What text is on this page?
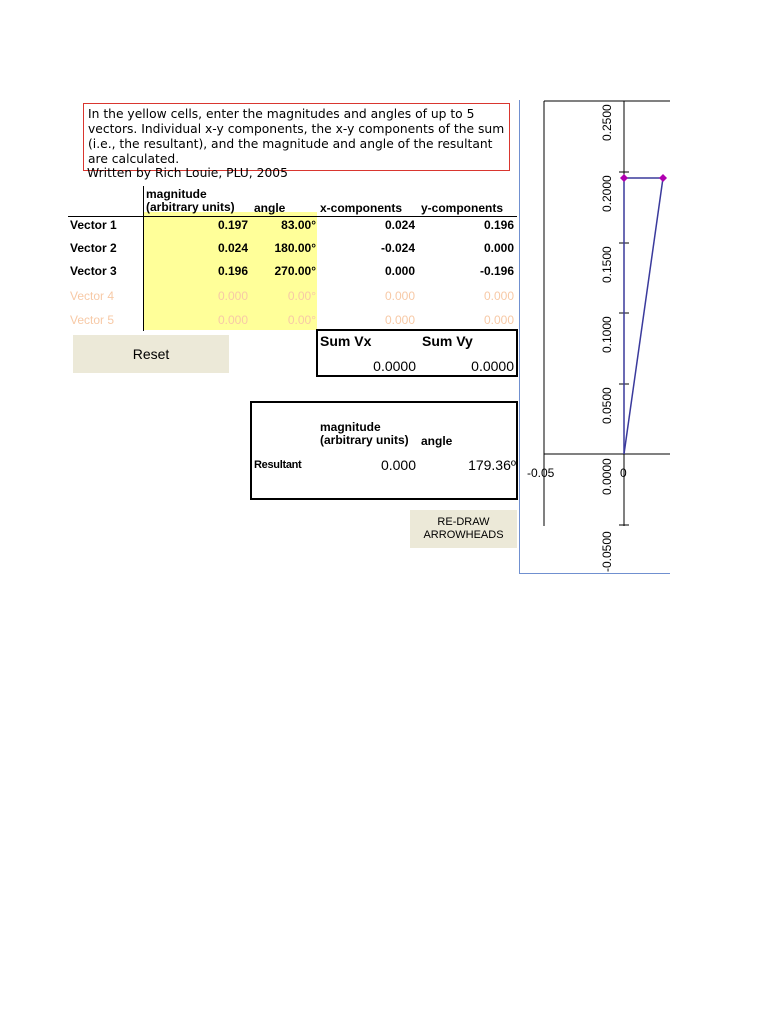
In the yellow cells, enter the magnitudes and angles of up to 5 vectors. Individual x-y components, the x-y components of the sum (i.e., the resultant), and the magnitude and angle of the resultant are calculated.
Written by Rich Louie, PLU, 2005
magnitude
(arbitrary units) angle	x-components y-components
Vector 1	0.197	83.00°	0.024	0.196
Vector 2	0.024	180.00°	-0.024	0.000
Vector 3	0.196	270.00°	0.000	-0.196
Vector 4	0.000	0.00°	0.000	0.000
Vector 5	0.000	0.00°	0.000	0.000
Reset
Sum Vx	Sum Vy
0.0000	0.0000
magnitude
(arbitrary units) angle
Resultant	0.000	179.36º
RE-DRAW
ARROWHEADS
0.2500
0.2000
0.1500
0.1000
0.0500
0.0000
-0.0500
-0.05	0
